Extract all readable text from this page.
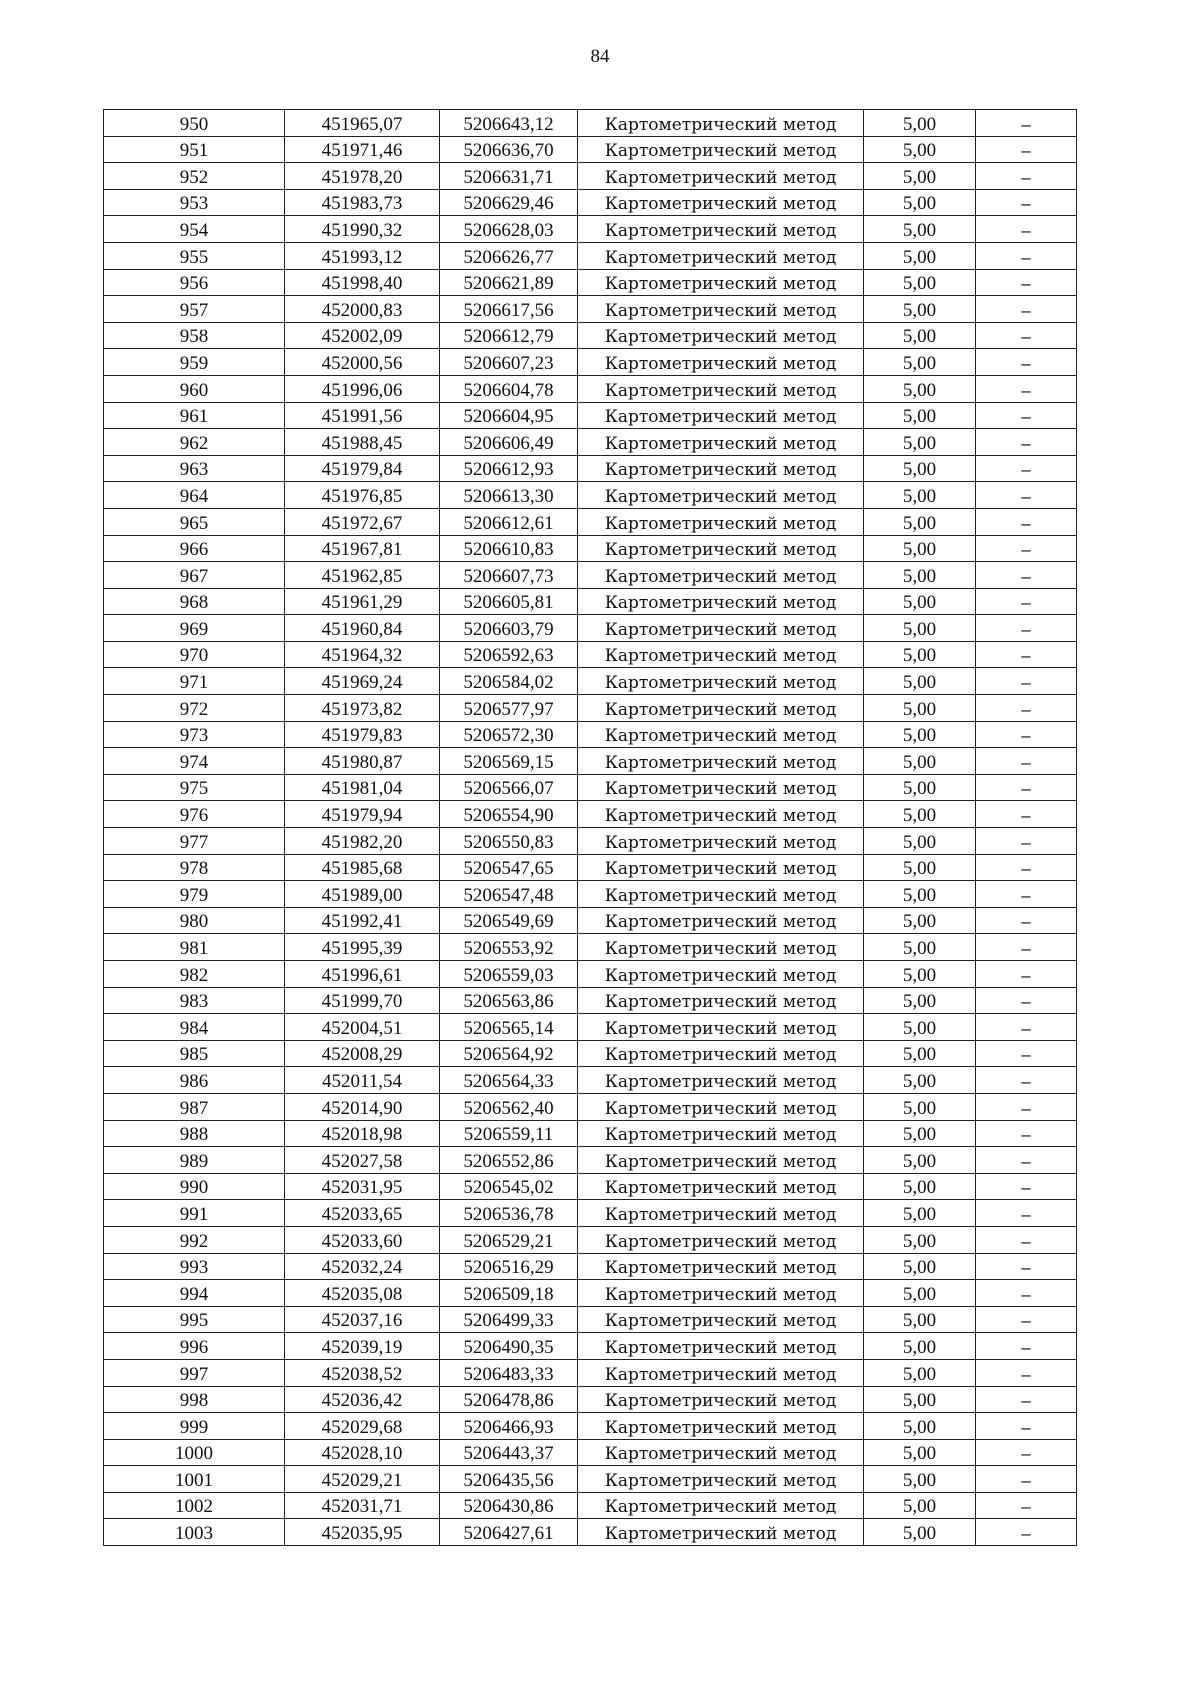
84
950	451965,07	5206643,12	Картометрический метод	5,00	–
951	451971,46	5206636,70	Картометрический метод	5,00	–
952	451978,20	5206631,71	Картометрический метод	5,00	–
953	451983,73	5206629,46	Картометрический метод	5,00	–
954	451990,32	5206628,03	Картометрический метод	5,00	–
955	451993,12	5206626,77	Картометрический метод	5,00	–
956	451998,40	5206621,89	Картометрический метод	5,00	–
957	452000,83	5206617,56	Картометрический метод	5,00	–
958	452002,09	5206612,79	Картометрический метод	5,00	–
959	452000,56	5206607,23	Картометрический метод	5,00	–
960	451996,06	5206604,78	Картометрический метод	5,00	–
961	451991,56	5206604,95	Картометрический метод	5,00	–
962	451988,45	5206606,49	Картометрический метод	5,00	–
963	451979,84	5206612,93	Картометрический метод	5,00	–
964	451976,85	5206613,30	Картометрический метод	5,00	–
965	451972,67	5206612,61	Картометрический метод	5,00	–
966	451967,81	5206610,83	Картометрический метод	5,00	–
967	451962,85	5206607,73	Картометрический метод	5,00	–
968	451961,29	5206605,81	Картометрический метод	5,00	–
969	451960,84	5206603,79	Картометрический метод	5,00	–
970	451964,32	5206592,63	Картометрический метод	5,00	–
971	451969,24	5206584,02	Картометрический метод	5,00	–
972	451973,82	5206577,97	Картометрический метод	5,00	–
973	451979,83	5206572,30	Картометрический метод	5,00	–
974	451980,87	5206569,15	Картометрический метод	5,00	–
975	451981,04	5206566,07	Картометрический метод	5,00	–
976	451979,94	5206554,90	Картометрический метод	5,00	–
977	451982,20	5206550,83	Картометрический метод	5,00	–
978	451985,68	5206547,65	Картометрический метод	5,00	–
979	451989,00	5206547,48	Картометрический метод	5,00	–
980	451992,41	5206549,69	Картометрический метод	5,00	–
981	451995,39	5206553,92	Картометрический метод	5,00	–
982	451996,61	5206559,03	Картометрический метод	5,00	–
983	451999,70	5206563,86	Картометрический метод	5,00	–
984	452004,51	5206565,14	Картометрический метод	5,00	–
985	452008,29	5206564,92	Картометрический метод	5,00	–
986	452011,54	5206564,33	Картометрический метод	5,00	–
987	452014,90	5206562,40	Картометрический метод	5,00	–
988	452018,98	5206559,11	Картометрический метод	5,00	–
989	452027,58	5206552,86	Картометрический метод	5,00	–
990	452031,95	5206545,02	Картометрический метод	5,00	–
991	452033,65	5206536,78	Картометрический метод	5,00	–
992	452033,60	5206529,21	Картометрический метод	5,00	–
993	452032,24	5206516,29	Картометрический метод	5,00	–
994	452035,08	5206509,18	Картометрический метод	5,00	–
995	452037,16	5206499,33	Картометрический метод	5,00	–
996	452039,19	5206490,35	Картометрический метод	5,00	–
997	452038,52	5206483,33	Картометрический метод	5,00	–
998	452036,42	5206478,86	Картометрический метод	5,00	–
999	452029,68	5206466,93	Картометрический метод	5,00	–
1000	452028,10	5206443,37	Картометрический метод	5,00	–
1001	452029,21	5206435,56	Картометрический метод	5,00	–
1002	452031,71	5206430,86	Картометрический метод	5,00	–
1003	452035,95	5206427,61	Картометрический метод	5,00	–
